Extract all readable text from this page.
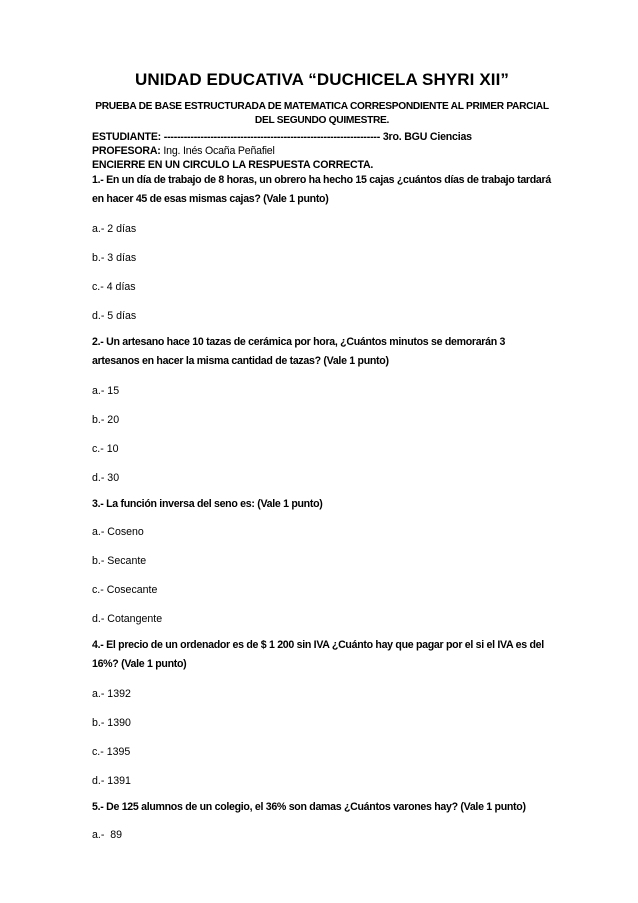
UNIDAD EDUCATIVA “DUCHICELA SHYRI XII”
PRUEBA DE BASE ESTRUCTURADA DE MATEMATICA CORRESPONDIENTE AL PRIMER PARCIAL DEL SEGUNDO QUIMESTRE.
ESTUDIANTE: ----------------------------------------------------------------- 3ro. BGU Ciencias
PROFESORA: Ing. Inés Ocaña Peñafiel
ENCIERRE EN UN CIRCULO LA RESPUESTA CORRECTA.

1.- En un día de trabajo de 8 horas, un obrero ha hecho 15 cajas ¿cuántos días de trabajo tardará en hacer 45 de esas mismas cajas? (Vale 1 punto)

a.- 2 días

b.- 3 días

c.- 4 días

d.- 5 días

2.- Un artesano hace 10 tazas de cerámica por hora, ¿Cuántos minutos se demorarán 3 artesanos en hacer la misma cantidad de tazas? (Vale 1 punto)

a.- 15

b.- 20

c.- 10

d.- 30

3.- La función inversa del seno es: (Vale 1 punto)

a.- Coseno

b.- Secante

c.- Cosecante

d.- Cotangente

4.- El precio de un ordenador es de $ 1 200 sin IVA ¿Cuánto hay que pagar por el si el IVA es del 16%? (Vale 1 punto)

a.- 1392

b.- 1390

c.- 1395

d.- 1391

5.- De 125 alumnos de un colegio, el 36% son damas ¿Cuántos varones hay? (Vale 1 punto)

a.-  89
